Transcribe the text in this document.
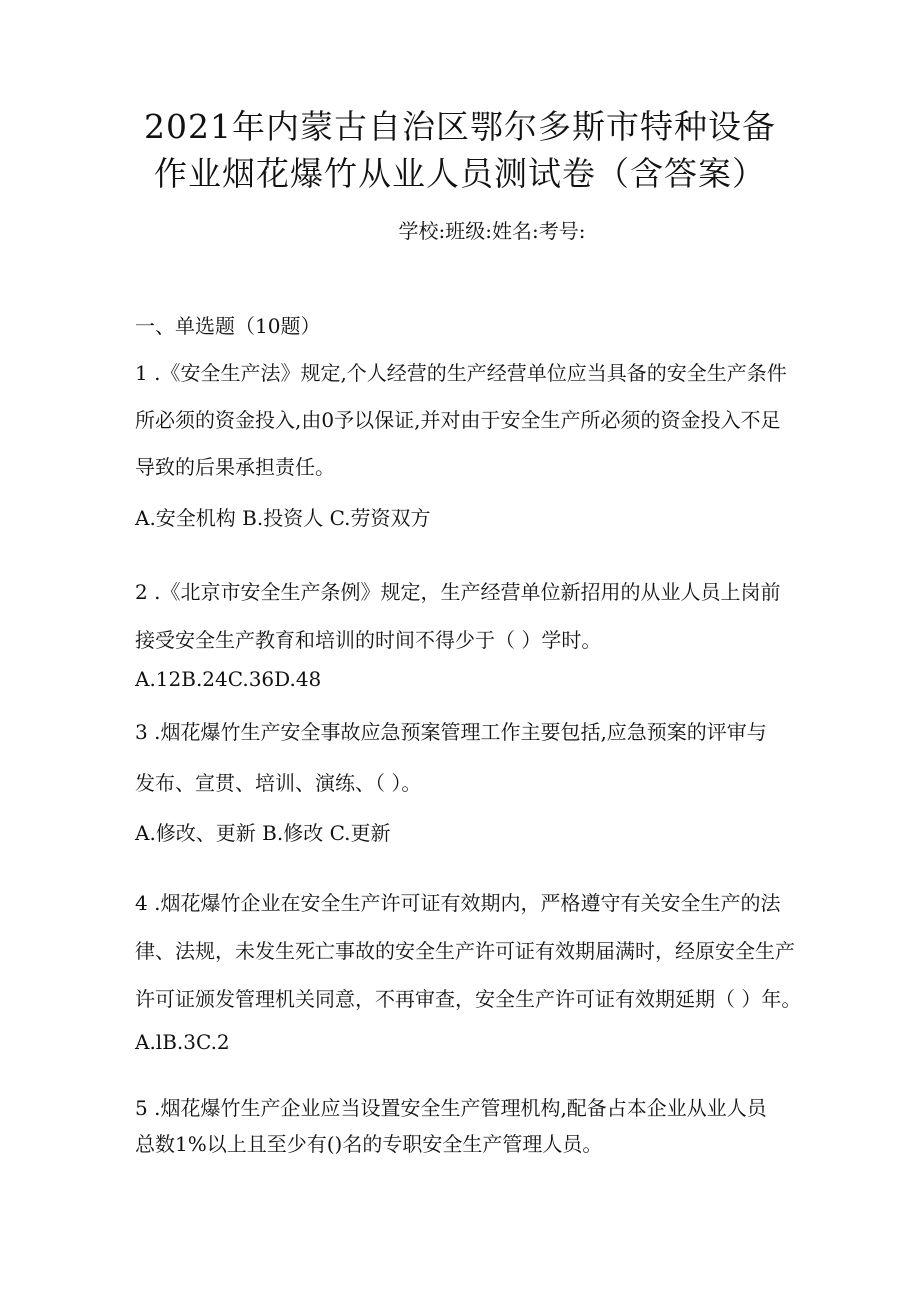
2021年内蒙古自治区鄂尔多斯市特种设备
作业烟花爆竹从业人员测试卷（含答案）
学校:班级:姓名:考号:
一、单选题（10题）
1 .《安全生产法》规定,个人经营的生产经营单位应当具备的安全生产条件
所必须的资金投入,由0予以保证,并对由于安全生产所必须的资金投入不足
导致的后果承担责任。
A.安全机构 B.投资人 C.劳资双方
2 .《北京市安全生产条例》规定，生产经营单位新招用的从业人员上岗前
接受安全生产教育和培训的时间不得少于（ ）学时。
A.12B.24C.36D.48
3 .烟花爆竹生产安全事故应急预案管理工作主要包括,应急预案的评审与
发布、宣贯、培训、演练、（ ）。
A.修改、更新 B.修改 C.更新
4 .烟花爆竹企业在安全生产许可证有效期内，严格遵守有关安全生产的法
律、法规，未发生死亡事故的安全生产许可证有效期届满时，经原安全生产
许可证颁发管理机关同意，不再审查，安全生产许可证有效期延期（ ）年。
A.lB.3C.2
5 .烟花爆竹生产企业应当设置安全生产管理机构,配备占本企业从业人员
总数1%以上且至少有()名的专职安全生产管理人员。
